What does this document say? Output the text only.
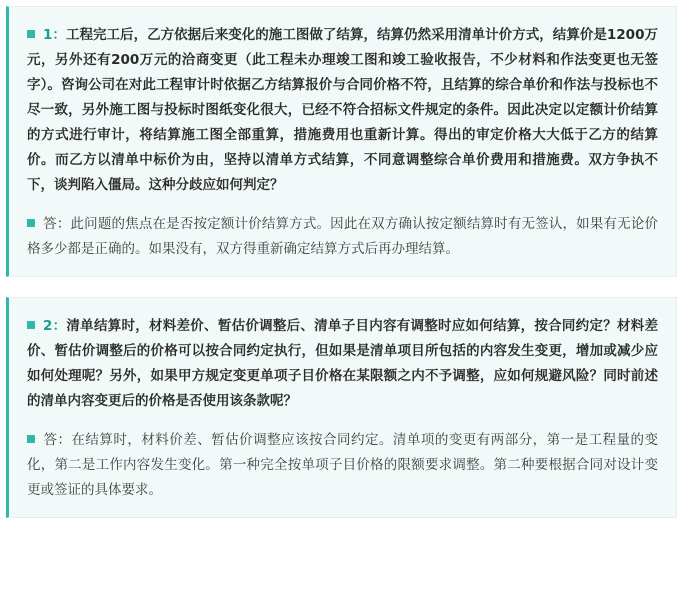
1：工程完工后，乙方依据后来变化的施工图做了结算，结算仍然采用清单计价方式，结算价是1200万元，另外还有200万元的洽商变更（此工程未办理竣工图和竣工验收报告，不少材料和作法变更也无签字）。咨询公司在对此工程审计时依据乙方结算报价与合同价格不符，且结算的综合单价和作法与投标也不尽一致，另外施工图与投标时图纸变化很大，已经不符合招标文件规定的条件。因此决定以定额计价结算的方式进行审计，将结算施工图全部重算，措施费用也重新计算。得出的审定价格大大低于乙方的结算价。而乙方以清单中标价为由，坚持以清单方式结算，不同意调整综合单价费用和措施费。双方争执不下，谈判陷入僵局。这种分歧应如何判定？
答：此问题的焦点在是否按定额计价结算方式。因此在双方确认按定额结算时有无签认，如果有无论价格多少都是正确的。如果没有，双方得重新确定结算方式后再办理结算。
2：清单结算时，材料差价、暂估价调整后、清单子目内容有调整时应如何结算，按合同约定？材料差价、暂估价调整后的价格可以按合同约定执行，但如果是清单项目所包括的内容发生变更，增加或减少应如何处理呢？另外，如果甲方规定变更单项子目价格在某限额之内不予调整，应如何规避风险？同时前述的清单内容变更后的价格是否使用该条款呢？
答：在结算时，材料价差、暂估价调整应该按合同约定。清单项的变更有两部分，第一是工程量的变化，第二是工作内容发生变化。第一种完全按单项子目价格的限额要求调整。第二种要根据合同对设计变更或签证的具体要求。
